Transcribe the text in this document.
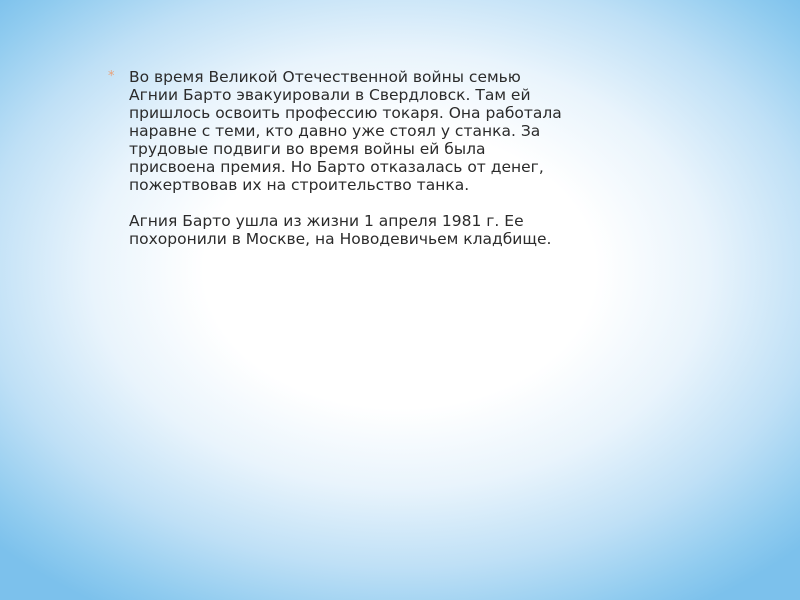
* Во время Великой Отечественной войны семью
Агнии Барто эвакуировали в Свердловск. Там ей
пришлось освоить профессию токаря. Она работала
наравне с теми, кто давно уже стоял у станка. За
трудовые подвиги во время войны ей была
присвоена премия. Но Барто отказалась от денег,
пожертвовав их на строительство танка.

Агния Барто ушла из жизни 1 апреля 1981 г. Ее
похоронили в Москве, на Новодевичьем кладбище.
